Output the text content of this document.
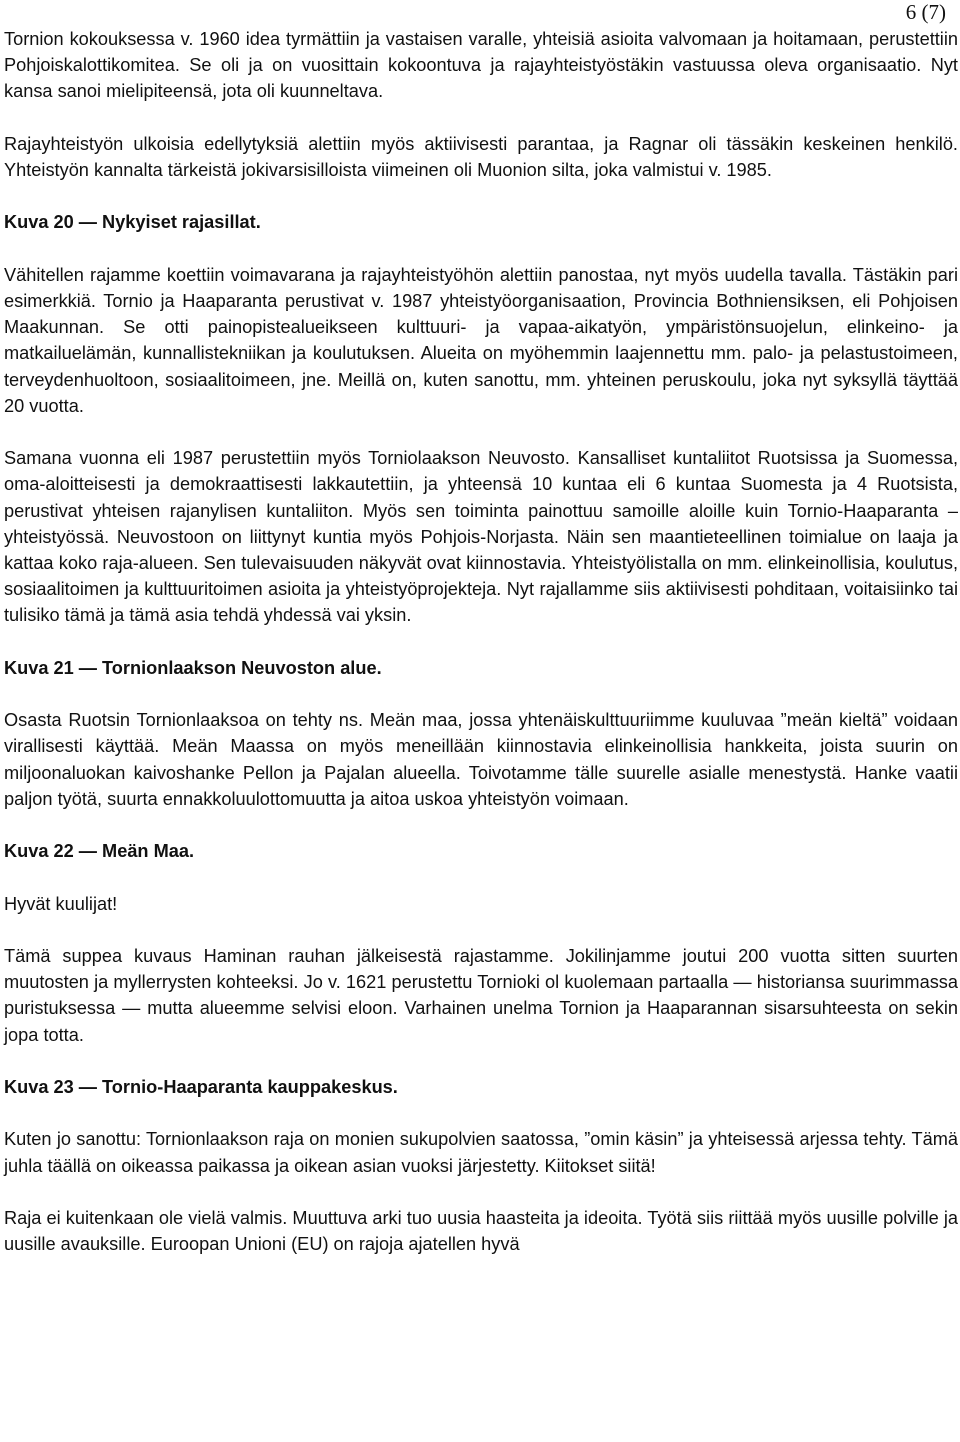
6 (7)

Tornion kokouksessa v. 1960 idea tyrmättiin ja vastaisen varalle, yhteisiä asioita valvomaan ja hoitamaan, perustettiin Pohjoiskalottikomitea. Se oli ja on vuosittain kokoontuva ja rajayhteistyöstäkin vastuussa oleva organisaatio. Nyt kansa sanoi mielipiteensä, jota oli kuunneltava.

Rajayhteistyön ulkoisia edellytyksiä alettiin myös aktiivisesti parantaa, ja Ragnar oli tässäkin keskeinen henkilö. Yhteistyön kannalta tärkeistä jokivarsisilloista viimeinen oli Muonion silta, joka valmistui v. 1985.

Kuva 20 — Nykyiset rajasillat.

Vähitellen rajamme koettiin voimavarana ja rajayhteistyöhön alettiin panostaa, nyt myös uudella tavalla. Tästäkin pari esimerkkiä. Tornio ja Haaparanta perustivat v. 1987 yhteistyöorganisaation, Provincia Bothniensiksen, eli Pohjoisen Maakunnan. Se otti painopistealueikseen kulttuuri- ja vapaa-aikatyön, ympäristönsuojelun, elinkeino- ja matkailuelämän, kunnallistekniikan ja koulutuksen. Alueita on myöhemmin laajennettu mm. palo- ja pelastustoimeen, terveydenhuoltoon, sosiaalitoimeen, jne. Meillä on, kuten sanottu, mm. yhteinen peruskoulu, joka nyt syksyllä täyttää 20 vuotta.

Samana vuonna eli 1987 perustettiin myös Torniolaakson Neuvosto. Kansalliset kuntaliitot Ruotsissa ja Suomessa, oma-aloitteisesti ja demokraattisesti lakkautettiin, ja yhteensä 10 kuntaa eli 6 kuntaa Suomesta ja 4 Ruotsista, perustivat yhteisen rajanylisen kuntaliiton. Myös sen toiminta painottuu samoille aloille kuin Tornio-Haaparanta –yhteistyössä. Neuvostoon on liittynyt kuntia myös Pohjois-Norjasta. Näin sen maantieteellinen toimialue on laaja ja kattaa koko raja-alueen. Sen tulevaisuuden näkyvät ovat kiinnostavia. Yhteistyölistalla on mm. elinkeinollisia, koulutus, sosiaalitoimen ja kulttuuritoimen asioita ja yhteistyöprojekteja. Nyt rajallamme siis aktiivisesti pohditaan, voitaisiinko tai tulisiko tämä ja tämä asia tehdä yhdessä vai yksin.

Kuva 21 — Tornionlaakson Neuvoston alue.

Osasta Ruotsin Tornionlaaksoa on tehty ns. Meän maa, jossa yhtenäiskulttuuriimme kuuluvaa ”meän kieltä” voidaan virallisesti käyttää. Meän Maassa on myös meneillään kiinnostavia elinkeinollisia hankkeita, joista suurin on miljoonaluokan kaivoshanke Pellon ja Pajalan alueella. Toivotamme tälle suurelle asialle menestystä. Hanke vaatii paljon työtä, suurta ennakkoluulottomuutta ja aitoa uskoa yhteistyön voimaan.

Kuva 22 — Meän Maa.

Hyvät kuulijat!

Tämä suppea kuvaus Haminan rauhan jälkeisestä rajastamme. Jokilinjamme joutui 200 vuotta sitten suurten muutosten ja myllerrysten kohteeksi. Jo v. 1621 perustettu Tornioki ol kuolemaan partaalla — historiansa suurimmassa puristuksessa — mutta alueemme selvisi eloon. Varhainen unelma Tornion ja Haaparannan sisarsuhteesta on sekin jopa totta.

Kuva 23 — Tornio-Haaparanta kauppakeskus.

Kuten jo sanottu: Tornionlaakson raja on monien sukupolvien saatossa, ”omin käsin” ja yhteisessä arjessa tehty. Tämä juhla täällä on oikeassa paikassa ja oikean asian vuoksi järjestetty. Kiitokset siitä!

Raja ei kuitenkaan ole vielä valmis. Muuttuva arki tuo uusia haasteita ja ideoita. Työtä siis riittää myös uusille polville ja uusille avauksille. Euroopan Unioni (EU) on rajoja ajatellen hyvä
